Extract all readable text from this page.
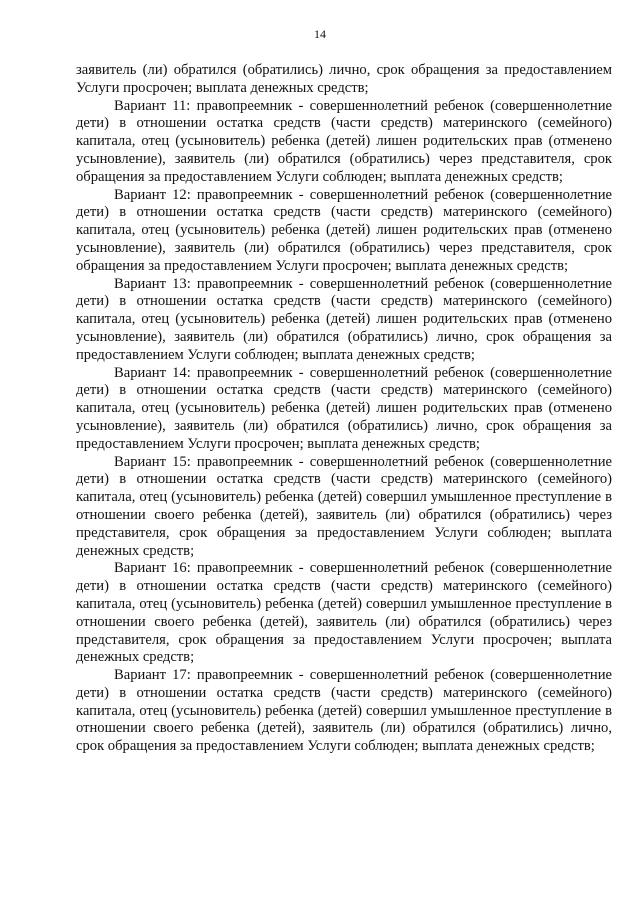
14

заявитель (ли) обратился (обратились) лично, срок обращения за предоставлением Услуги просрочен; выплата денежных средств;

Вариант 11: правопреемник - совершеннолетний ребенок (совершеннолетние дети) в отношении остатка средств (части средств) материнского (семейного) капитала, отец (усыновитель) ребенка (детей) лишен родительских прав (отменено усыновление), заявитель (ли) обратился (обратились) через представителя, срок обращения за предоставлением Услуги соблюден; выплата денежных средств;

Вариант 12: правопреемник - совершеннолетний ребенок (совершеннолетние дети) в отношении остатка средств (части средств) материнского (семейного) капитала, отец (усыновитель) ребенка (детей) лишен родительских прав (отменено усыновление), заявитель (ли) обратился (обратились) через представителя, срок обращения за предоставлением Услуги просрочен; выплата денежных средств;

Вариант 13: правопреемник - совершеннолетний ребенок (совершеннолетние дети) в отношении остатка средств (части средств) материнского (семейного) капитала, отец (усыновитель) ребенка (детей) лишен родительских прав (отменено усыновление), заявитель (ли) обратился (обратились) лично, срок обращения за предоставлением Услуги соблюден; выплата денежных средств;

Вариант 14: правопреемник - совершеннолетний ребенок (совершеннолетние дети) в отношении остатка средств (части средств) материнского (семейного) капитала, отец (усыновитель) ребенка (детей) лишен родительских прав (отменено усыновление), заявитель (ли) обратился (обратились) лично, срок обращения за предоставлением Услуги просрочен; выплата денежных средств;

Вариант 15: правопреемник - совершеннолетний ребенок (совершеннолетние дети) в отношении остатка средств (части средств) материнского (семейного) капитала, отец (усыновитель) ребенка (детей) совершил умышленное преступление в отношении своего ребенка (детей), заявитель (ли) обратился (обратились) через представителя, срок обращения за предоставлением Услуги соблюден; выплата денежных средств;

Вариант 16: правопреемник - совершеннолетний ребенок (совершеннолетние дети) в отношении остатка средств (части средств) материнского (семейного) капитала, отец (усыновитель) ребенка (детей) совершил умышленное преступление в отношении своего ребенка (детей), заявитель (ли) обратился (обратились) через представителя, срок обращения за предоставлением Услуги просрочен; выплата денежных средств;

Вариант 17: правопреемник - совершеннолетний ребенок (совершеннолетние дети) в отношении остатка средств (части средств) материнского (семейного) капитала, отец (усыновитель) ребенка (детей) совершил умышленное преступление в отношении своего ребенка (детей), заявитель (ли) обратился (обратились) лично, срок обращения за предоставлением Услуги соблюден; выплата денежных средств;
